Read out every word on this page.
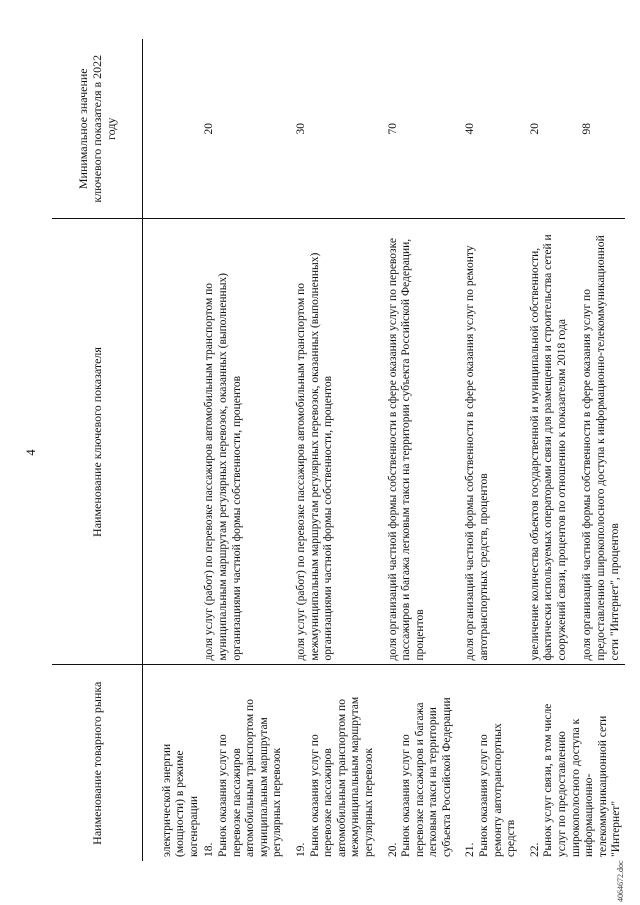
4
Наименование товарного рынка	Наименование ключевого показателя	Минимальное значение ключевого показателя в 2022 году
электрической энергии (мощности) в режиме когенерации		
18. Рынок оказания услуг по перевозке пассажиров автомобильным транспортом по муниципальным маршрутам регулярных перевозок	доля услуг (работ) по перевозке пассажиров автомобильным транспортом по муниципальным маршрутам регулярных перевозок, оказанных (выполненных) организациями частной формы собственности, процентов	20

19. Рынок оказания услуг по перевозке пассажиров автомобильным транспортом по межмуниципальным маршрутам регулярных перевозок	доля услуг (работ) по перевозке пассажиров автомобильным транспортом по межмуниципальным маршрутам регулярных перевозок, оказанных (выполненных) организациями частной формы собственности, процентов	30

20. Рынок оказания услуг по перевозке пассажиров и багажа легковым такси на территории субъекта Российской Федерации	доля организаций частной формы собственности в сфере оказания услуг по перевозке пассажиров и багажа легковым такси на территории субъекта Российской Федерации, процентов	70

21. Рынок оказания услуг по ремонту автотранспортных средств	доля организаций частной формы собственности в сфере оказания услуг по ремонту автотранспортных средств, процентов	40

22. Рынок услуг связи, в том числе услуг по предоставлению широкополосного доступа к информационно-телекоммуникационной сети "Интернет"	увеличение количества объектов государственной и муниципальной собственности, фактически используемых операторами связи для размещения и строительства сетей и сооружений связи, процентов по отношению к показателям 2018 года	20

	доля организаций частной формы собственности в сфере оказания услуг по предоставлению широкополосного доступа к информационно-телекоммуникационной сети "Интернет", процентов	98
4064672.doc
